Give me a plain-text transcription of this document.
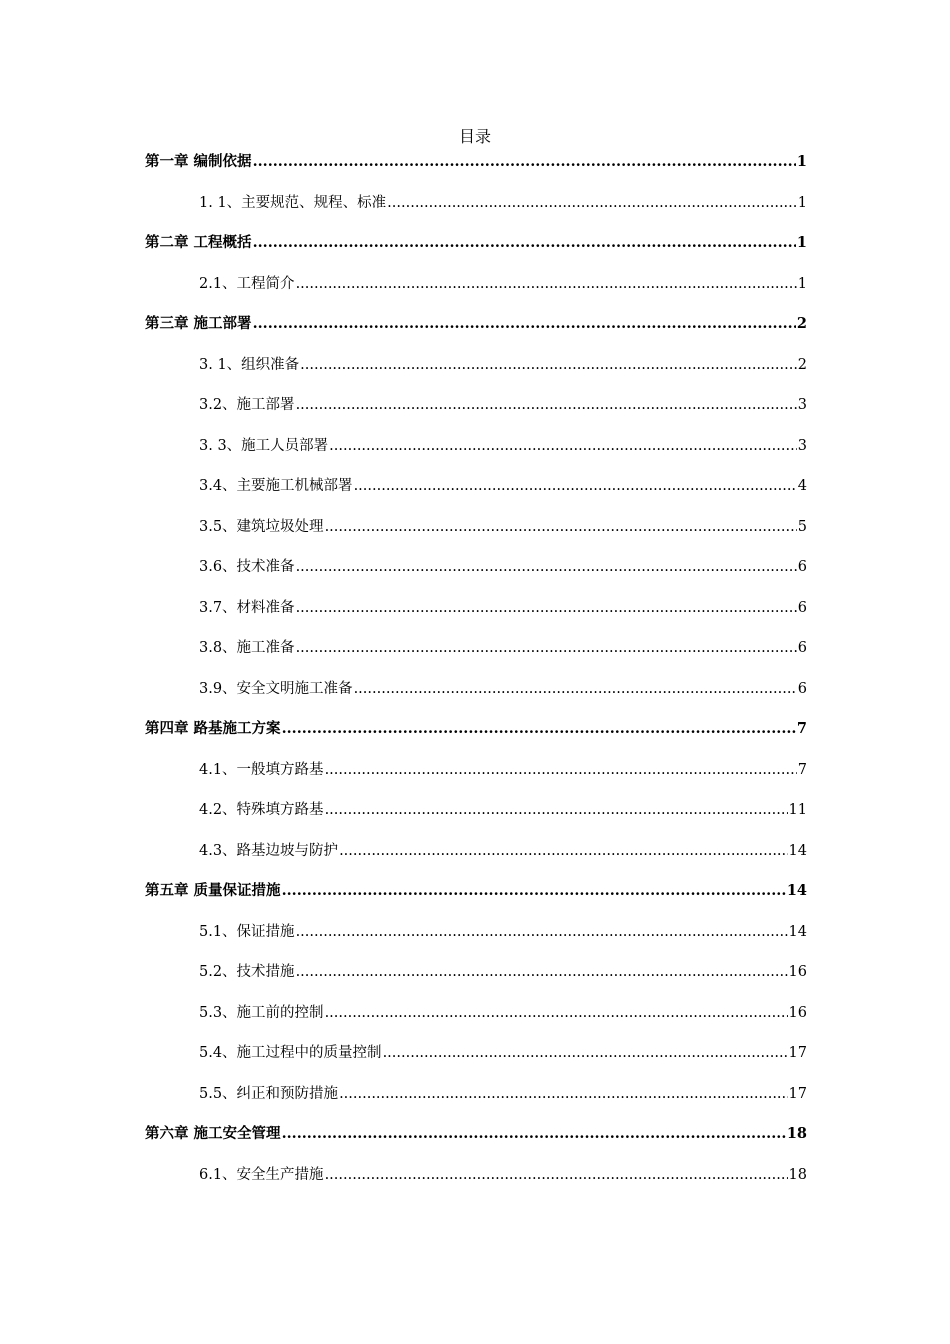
目录
第一章 编制依据 .....	1
1. 1、主要规范、规程、标准 .....	1
第二章 工程概括 .....	1
2.1、工程简介 .....	1
第三章 施工部署 .....	2
3. 1、组织准备 .....	2
3.2、施工部署 .....	3
3. 3、施工人员部署 .....	3
3.4、主要施工机械部署 .....	4
3.5、建筑垃圾处理 .....	5
3.6、技术准备 .....	6
3.7、材料准备 .....	6
3.8、施工准备 .....	6
3.9、安全文明施工准备 .....	6
第四章 路基施工方案 .....	7
4.1、一般填方路基 .....	7
4.2、特殊填方路基 .....	11
4.3、路基边坡与防护 .....	14
第五章 质量保证措施 .....	14
5.1、保证措施 .....	14
5.2、技术措施 .....	16
5.3、施工前的控制 .....	16
5.4、施工过程中的质量控制 .....	17
5.5、纠正和预防措施 .....	17
第六章 施工安全管理 .....	18
6.1、安全生产措施 .....	18
